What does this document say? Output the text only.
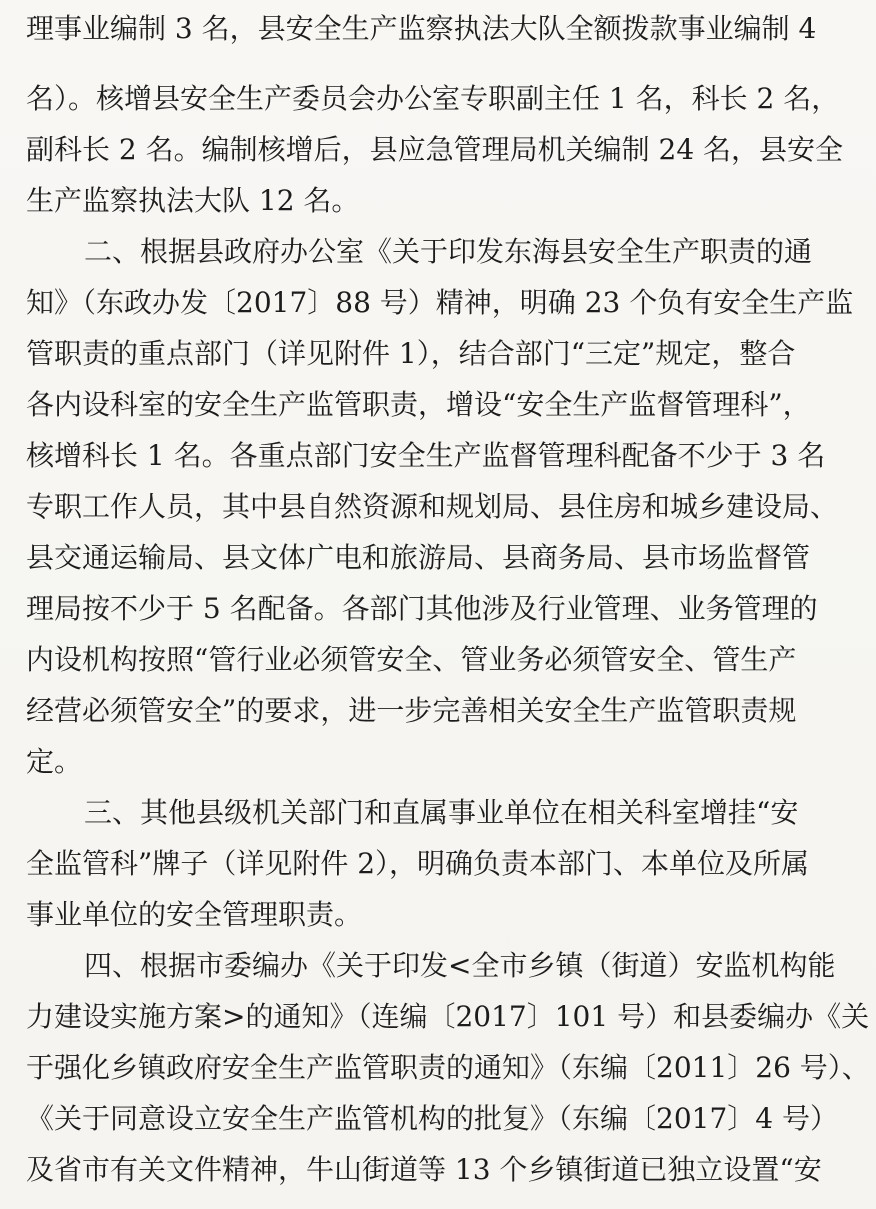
理事业编制 3 名，县安全生产监察执法大队全额拨款事业编制 4
名）。核增县安全生产委员会办公室专职副主任 1 名，科长 2 名，
副科长 2 名。编制核增后，县应急管理局机关编制 24 名，县安全
生产监察执法大队 12 名。
二、根据县政府办公室《关于印发东海县安全生产职责的通
知》（东政办发〔2017〕88 号）精神，明确 23 个负有安全生产监
管职责的重点部门（详见附件 1），结合部门“三定”规定，整合
各内设科室的安全生产监管职责，增设“安全生产监督管理科”，
核增科长 1 名。各重点部门安全生产监督管理科配备不少于 3 名
专职工作人员，其中县自然资源和规划局、县住房和城乡建设局、
县交通运输局、县文体广电和旅游局、县商务局、县市场监督管
理局按不少于 5 名配备。各部门其他涉及行业管理、业务管理的
内设机构按照“管行业必须管安全、管业务必须管安全、管生产
经营必须管安全”的要求，进一步完善相关安全生产监管职责规
定。
三、其他县级机关部门和直属事业单位在相关科室增挂“安
全监管科”牌子（详见附件 2），明确负责本部门、本单位及所属
事业单位的安全管理职责。
四、根据市委编办《关于印发<全市乡镇（街道）安监机构能
力建设实施方案>的通知》（连编〔2017〕101 号）和县委编办《关
于强化乡镇政府安全生产监管职责的通知》（东编〔2011〕26 号）、
《关于同意设立安全生产监管机构的批复》（东编〔2017〕4 号）
及省市有关文件精神，牛山街道等 13 个乡镇街道已独立设置“安
